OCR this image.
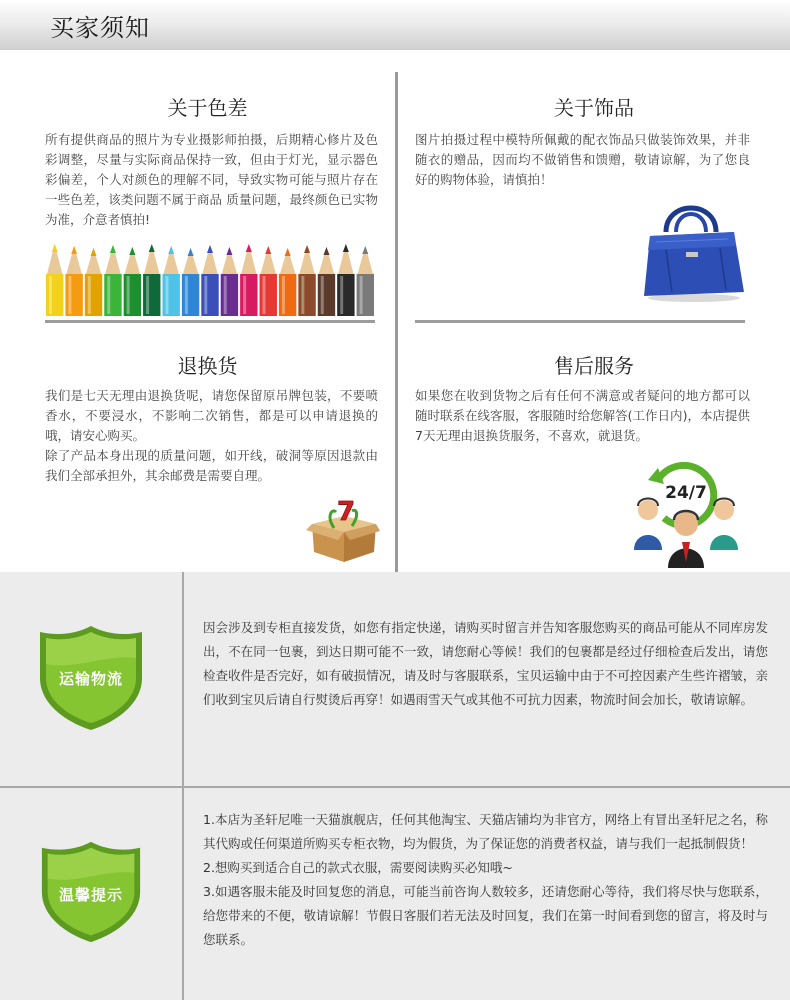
买家须知
关于色差
所有提供商品的照片为专业摄影师拍摄，后期精心修片及色彩调整，尽量与实际商品保持一致，但由于灯光，显示器色彩偏差，个人对颜色的理解不同，导致实物可能与照片存在一些色差，该类问题不属于商品 质量问题，最终颜色已实物为准，介意者慎拍!
关于饰品
图片拍摄过程中模特所佩戴的配衣饰品只做装饰效果，并非随衣的赠品，因而均不做销售和馈赠，敬请谅解，为了您良好的购物体验，请慎拍！
退换货
我们是七天无理由退换货呢，请您保留原吊牌包装，不要喷香水，不要浸水，不影响二次销售，都是可以申请退换的哦，请安心购买。
除了产品本身出现的质量问题，如开线，破洞等原因退款由我们全部承担外，其余邮费是需要自理。
7
售后服务
如果您在收到货物之后有任何不满意或者疑问的地方都可以随时联系在线客服，客服随时给您解答(工作日内)，本店提供7天无理由退换货服务，不喜欢，就退货。
24/7
运输物流
因会涉及到专柜直接发货，如您有指定快递，请购买时留言并告知客服您购买的商品可能从不同库房发出，不在同一包裹，到达日期可能不一致，请您耐心等候！我们的包裹都是经过仔细检查后发出，请您检查收件是否完好，如有破损情况，请及时与客服联系，宝贝运输中由于不可控因素产生些许褶皱，亲们收到宝贝后请自行熨烫后再穿！如遇雨雪天气或其他不可抗力因素，物流时间会加长，敬请谅解。
温馨提示

1.本店为圣轩尼唯一天猫旗舰店，任何其他淘宝、天猫店铺均为非官方，网络上有冒出圣轩尼之名，称其代购或任何渠道所购买专柜衣物，均为假货，为了保证您的消费者权益，请与我们一起抵制假货！

2.想购买到适合自己的款式衣服，需要阅读购买必知哦~

3.如遇客服未能及时回复您的消息，可能当前咨询人数较多，还请您耐心等待，我们将尽快与您联系，给您带来的不便，敬请谅解！节假日客服们若无法及时回复，我们在第一时间看到您的留言，将及时与您联系。
